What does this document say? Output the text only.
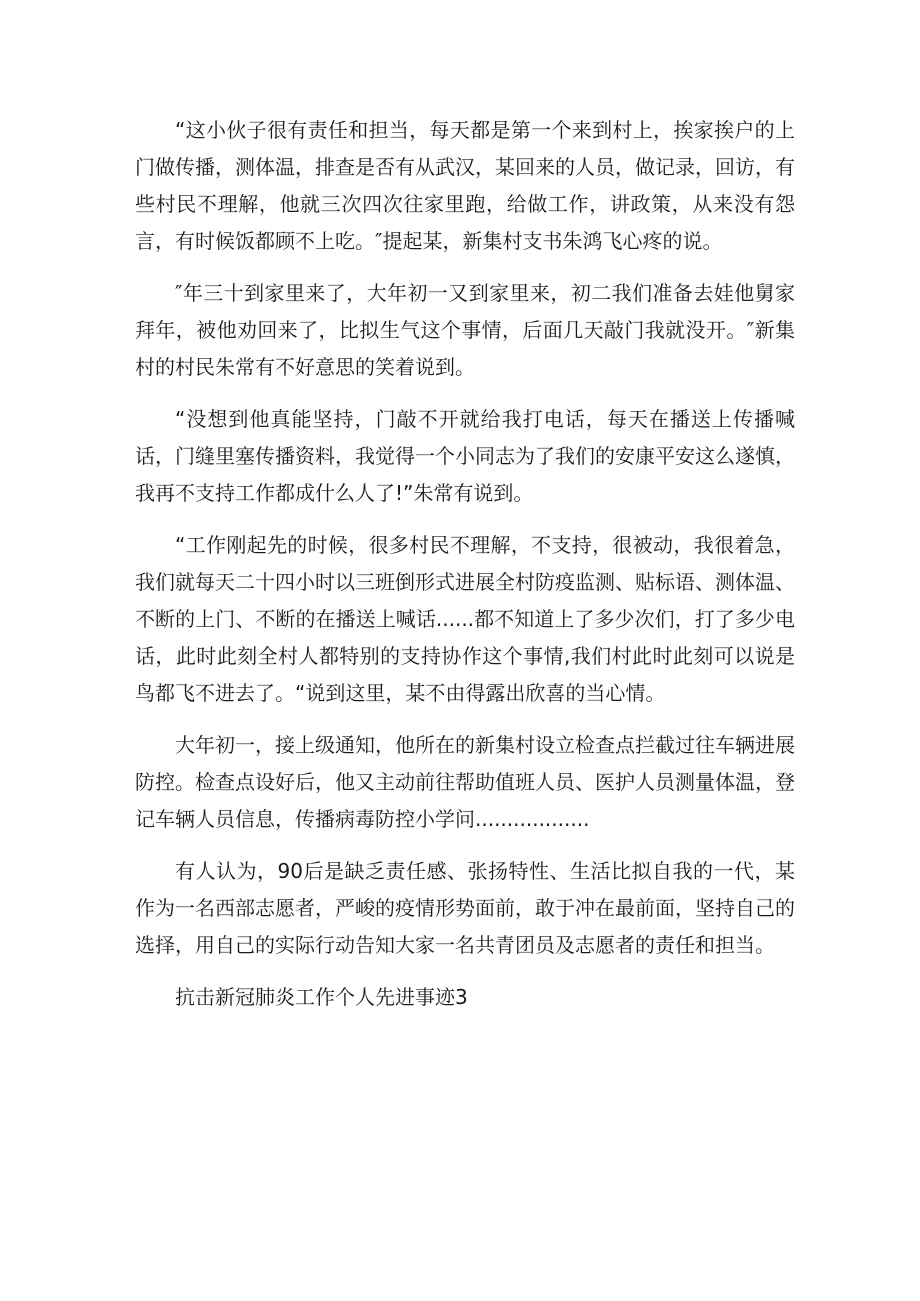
“这小伙子很有责任和担当，每天都是第一个来到村上，挨家挨户的上门做传播，测体温，排查是否有从武汉，某回来的人员，做记录，回访，有些村民不理解，他就三次四次往家里跑，给做工作，讲政策，从来没有怨言，有时候饭都顾不上吃。″提起某，新集村支书朱鸿飞心疼的说。

″年三十到家里来了，大年初一又到家里来，初二我们准备去娃他舅家拜年，被他劝回来了，比拟生气这个事情，后面几天敲门我就没开。″新集村的村民朱常有不好意思的笑着说到。

“没想到他真能坚持，门敲不开就给我打电话，每天在播送上传播喊话，门缝里塞传播资料，我觉得一个小同志为了我们的安康平安这么遂慎，我再不支持工作都成什么人了!”朱常有说到。

“工作刚起先的时候，很多村民不理解，不支持，很被动，我很着急，我们就每天二十四小时以三班倒形式进展全村防疫监测、贴标语、测体温、不断的上门、不断的在播送上喊话......都不知道上了多少次们，打了多少电话，此时此刻全村人都特别的支持协作这个事情,我们村此时此刻可以说是鸟都飞不进去了。“说到这里，某不由得露出欣喜的当心情。

大年初一，接上级通知，他所在的新集村设立检查点拦截过往车辆进展防控。检查点设好后，他又主动前往帮助值班人员、医护人员测量体温，登记车辆人员信息，传播病毒防控小学问..................

有人认为，90后是缺乏责任感、张扬特性、生活比拟自我的一代，某作为一名西部志愿者，严峻的疫情形势面前，敢于冲在最前面，坚持自己的选择，用自己的实际行动告知大家一名共青团员及志愿者的责任和担当。

抗击新冠肺炎工作个人先进事迹3
